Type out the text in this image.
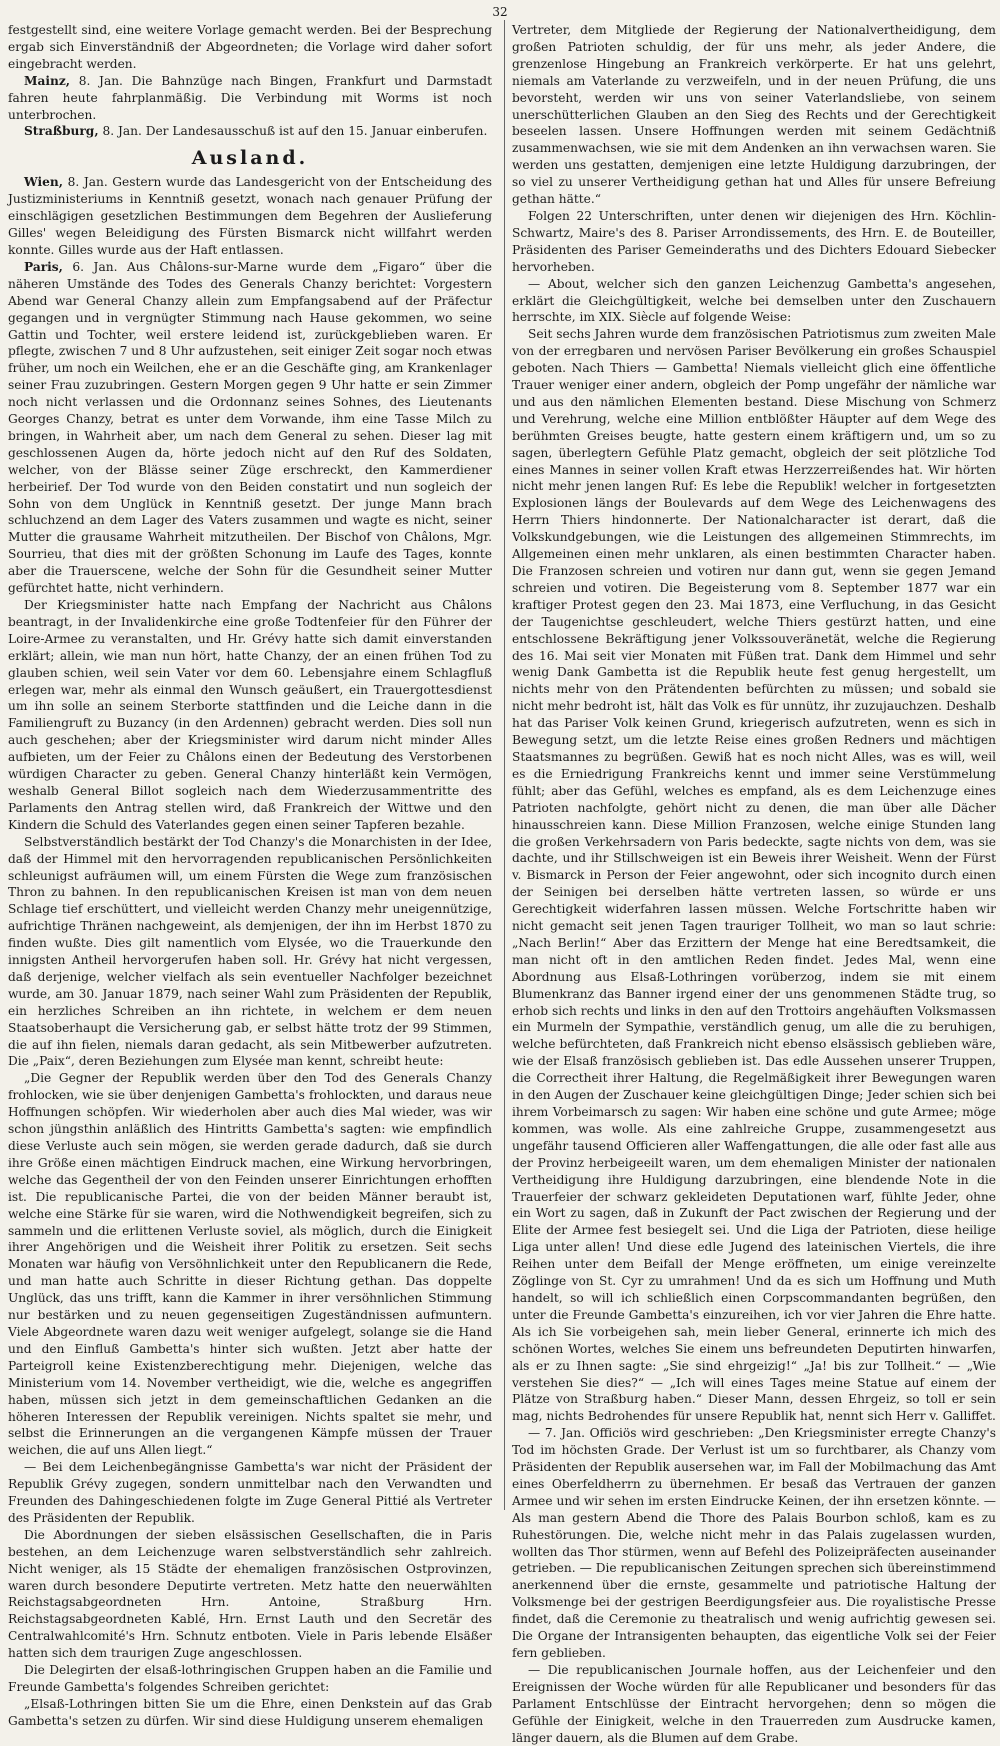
32

festgestellt sind, eine weitere Vorlage gemacht werden. Bei der Besprechung ergab sich Einverständniß der Abgeordneten; die Vorlage wird daher sofort eingebracht werden.

Mainz, 8. Jan. Die Bahnzüge nach Bingen, Frankfurt und Darmstadt fahren heute fahrplanmäßig. Die Verbindung mit Worms ist noch unterbrochen.

Straßburg, 8. Jan. Der Landesausschuß ist auf den 15. Januar einberufen.

Ausland.

Wien, 8. Jan. Gestern wurde das Landesgericht von der Entscheidung des Justizministeriums in Kenntniß gesetzt, wonach nach genauer Prüfung der einschlägigen gesetzlichen Bestimmungen dem Begehren der Auslieferung Gilles' wegen Beleidigung des Fürsten Bismarck nicht willfahrt werden konnte. Gilles wurde aus der Haft entlassen.

Paris, 6. Jan. Aus Châlons-sur-Marne wurde dem „Figaro“ über die näheren Umstände des Todes des Generals Chanzy berichtet: Vorgestern Abend war General Chanzy allein zum Empfangsabend auf der Präfectur gegangen und in vergnügter Stimmung nach Hause gekommen, wo seine Gattin und Tochter, weil erstere leidend ist, zurückgeblieben waren. Er pflegte, zwischen 7 und 8 Uhr aufzustehen, seit einiger Zeit sogar noch etwas früher, um noch ein Weilchen, ehe er an die Geschäfte ging, am Krankenlager seiner Frau zuzubringen. Gestern Morgen gegen 9 Uhr hatte er sein Zimmer noch nicht verlassen und die Ordonnanz seines Sohnes, des Lieutenants Georges Chanzy, betrat es unter dem Vorwande, ihm eine Tasse Milch zu bringen, in Wahrheit aber, um nach dem General zu sehen. Dieser lag mit geschlossenen Augen da, hörte jedoch nicht auf den Ruf des Soldaten, welcher, von der Blässe seiner Züge erschreckt, den Kammerdiener herbeirief. Der Tod wurde von den Beiden constatirt und nun sogleich der Sohn von dem Unglück in Kenntniß gesetzt. Der junge Mann brach schluchzend an dem Lager des Vaters zusammen und wagte es nicht, seiner Mutter die grausame Wahrheit mitzutheilen. Der Bischof von Châlons, Mgr. Sourrieu, that dies mit der größten Schonung im Laufe des Tages, konnte aber die Trauerscene, welche der Sohn für die Gesundheit seiner Mutter gefürchtet hatte, nicht verhindern.

Der Kriegsminister hatte nach Empfang der Nachricht aus Châlons beantragt, in der Invalidenkirche eine große Todtenfeier für den Führer der Loire-Armee zu veranstalten, und Hr. Grévy hatte sich damit einverstanden erklärt; allein, wie man nun hört, hatte Chanzy, der an einen frühen Tod zu glauben schien, weil sein Vater vor dem 60. Lebensjahre einem Schlagfluß erlegen war, mehr als einmal den Wunsch geäußert, ein Trauergottesdienst um ihn solle an seinem Sterborte stattfinden und die Leiche dann in die Familiengruft zu Buzancy (in den Ardennen) gebracht werden. Dies soll nun auch geschehen; aber der Kriegsminister wird darum nicht minder Alles aufbieten, um der Feier zu Châlons einen der Bedeutung des Verstorbenen würdigen Character zu geben. General Chanzy hinterläßt kein Vermögen, weshalb General Billot sogleich nach dem Wiederzusammentritte des Parlaments den Antrag stellen wird, daß Frankreich der Wittwe und den Kindern die Schuld des Vaterlandes gegen einen seiner Tapferen bezahle.

Selbstverständlich bestärkt der Tod Chanzy's die Monarchisten in der Idee, daß der Himmel mit den hervorragenden republicanischen Persönlichkeiten schleunigst aufräumen will, um einem Fürsten die Wege zum französischen Thron zu bahnen. In den republicanischen Kreisen ist man von dem neuen Schlage tief erschüttert, und vielleicht werden Chanzy mehr uneigennützige, aufrichtige Thränen nachgeweint, als demjenigen, der ihn im Herbst 1870 zu finden wußte. Dies gilt namentlich vom Elysée, wo die Trauerkunde den innigsten Antheil hervorgerufen haben soll. Hr. Grévy hat nicht vergessen, daß derjenige, welcher vielfach als sein eventueller Nachfolger bezeichnet wurde, am 30. Januar 1879, nach seiner Wahl zum Präsidenten der Republik, ein herzliches Schreiben an ihn richtete, in welchem er dem neuen Staatsoberhaupt die Versicherung gab, er selbst hätte trotz der 99 Stimmen, die auf ihn fielen, niemals daran gedacht, als sein Mitbewerber aufzutreten. Die „Paix“, deren Beziehungen zum Elysée man kennt, schreibt heute:

„Die Gegner der Republik werden über den Tod des Generals Chanzy frohlocken, wie sie über denjenigen Gambetta's frohlockten, und daraus neue Hoffnungen schöpfen. Wir wiederholen aber auch dies Mal wieder, was wir schon jüngsthin anläßlich des Hintritts Gambetta's sagten: wie empfindlich diese Verluste auch sein mögen, sie werden gerade dadurch, daß sie durch ihre Größe einen mächtigen Eindruck machen, eine Wirkung hervorbringen, welche das Gegentheil der von den Feinden unserer Einrichtungen erhofften ist. Die republicanische Partei, die von der beiden Männer beraubt ist, welche eine Stärke für sie waren, wird die Nothwendigkeit begreifen, sich zu sammeln und die erlittenen Verluste soviel, als möglich, durch die Einigkeit ihrer Angehörigen und die Weisheit ihrer Politik zu ersetzen. Seit sechs Monaten war häufig von Versöhnlichkeit unter den Republicanern die Rede, und man hatte auch Schritte in dieser Richtung gethan. Das doppelte Unglück, das uns trifft, kann die Kammer in ihrer versöhnlichen Stimmung nur bestärken und zu neuen gegenseitigen Zugeständnissen aufmuntern. Viele Abgeordnete waren dazu weit weniger aufgelegt, solange sie die Hand und den Einfluß Gambetta's hinter sich wußten. Jetzt aber hatte der Parteigroll keine Existenzberechtigung mehr. Diejenigen, welche das Ministerium vom 14. November vertheidigt, wie die, welche es angegriffen haben, müssen sich jetzt in dem gemeinschaftlichen Gedanken an die höheren Interessen der Republik vereinigen. Nichts spaltet sie mehr, und selbst die Erinnerungen an die vergangenen Kämpfe müssen der Trauer weichen, die auf uns Allen liegt.“

— Bei dem Leichenbegängnisse Gambetta's war nicht der Präsident der Republik Grévy zugegen, sondern unmittelbar nach den Verwandten und Freunden des Dahingeschiedenen folgte im Zuge General Pittié als Vertreter des Präsidenten der Republik.

Die Abordnungen der sieben elsässischen Gesellschaften, die in Paris bestehen, an dem Leichenzuge waren selbstverständlich sehr zahlreich. Nicht weniger, als 15 Städte der ehemaligen französischen Ostprovinzen, waren durch besondere Deputirte vertreten. Metz hatte den neuerwählten Reichstagsabgeordneten Hrn. Antoine, Straßburg Hrn. Reichstagsabgeordneten Kablé, Hrn. Ernst Lauth und den Secretär des Centralwahlcomité's Hrn. Schnutz entboten. Viele in Paris lebende Elsäßer hatten sich dem traurigen Zuge angeschlossen.

Die Delegirten der elsaß-lothringischen Gruppen haben an die Familie und Freunde Gambetta's folgendes Schreiben gerichtet:

„Elsaß-Lothringen bitten Sie um die Ehre, einen Denkstein auf das Grab Gambetta's setzen zu dürfen. Wir sind diese Huldigung unserem ehemaligen

Vertreter, dem Mitgliede der Regierung der Nationalvertheidigung, dem großen Patrioten schuldig, der für uns mehr, als jeder Andere, die grenzenlose Hingebung an Frankreich verkörperte. Er hat uns gelehrt, niemals am Vaterlande zu verzweifeln, und in der neuen Prüfung, die uns bevorsteht, werden wir uns von seiner Vaterlandsliebe, von seinem unerschütterlichen Glauben an den Sieg des Rechts und der Gerechtigkeit beseelen lassen. Unsere Hoffnungen werden mit seinem Gedächtniß zusammenwachsen, wie sie mit dem Andenken an ihn verwachsen waren. Sie werden uns gestatten, demjenigen eine letzte Huldigung darzubringen, der so viel zu unserer Vertheidigung gethan hat und Alles für unsere Befreiung gethan hätte.“

Folgen 22 Unterschriften, unter denen wir diejenigen des Hrn. Köchlin-Schwartz, Maire's des 8. Pariser Arrondissements, des Hrn. E. de Bouteiller, Präsidenten des Pariser Gemeinderaths und des Dichters Edouard Siebecker hervorheben.

— About, welcher sich den ganzen Leichenzug Gambetta's angesehen, erklärt die Gleichgültigkeit, welche bei demselben unter den Zuschauern herrschte, im XIX. Siècle auf folgende Weise:

Seit sechs Jahren wurde dem französischen Patriotismus zum zweiten Male von der erregbaren und nervösen Pariser Bevölkerung ein großes Schauspiel geboten. Nach Thiers — Gambetta! Niemals vielleicht glich eine öffentliche Trauer weniger einer andern, obgleich der Pomp ungefähr der nämliche war und aus den nämlichen Elementen bestand. Diese Mischung von Schmerz und Verehrung, welche eine Million entblößter Häupter auf dem Wege des berühmten Greises beugte, hatte gestern einem kräftigern und, um so zu sagen, überlegtern Gefühle Platz gemacht, obgleich der seit plötzliche Tod eines Mannes in seiner vollen Kraft etwas Herzzerreißendes hat. Wir hörten nicht mehr jenen langen Ruf: Es lebe die Republik! welcher in fortgesetzten Explosionen längs der Boulevards auf dem Wege des Leichenwagens des Herrn Thiers hindonnerte. Der Nationalcharacter ist derart, daß die Volkskundgebungen, wie die Leistungen des allgemeinen Stimmrechts, im Allgemeinen einen mehr unklaren, als einen bestimmten Character haben. Die Franzosen schreien und votiren nur dann gut, wenn sie gegen Jemand schreien und votiren. Die Begeisterung vom 8. September 1877 war ein kraftiger Protest gegen den 23. Mai 1873, eine Verfluchung, in das Gesicht der Taugenichtse geschleudert, welche Thiers gestürzt hatten, und eine entschlossene Bekräftigung jener Volkssouveränetät, welche die Regierung des 16. Mai seit vier Monaten mit Füßen trat. Dank dem Himmel und sehr wenig Dank Gambetta ist die Republik heute fest genug hergestellt, um nichts mehr von den Prätendenten befürchten zu müssen; und sobald sie nicht mehr bedroht ist, hält das Volk es für unnütz, ihr zuzujauchzen. Deshalb hat das Pariser Volk keinen Grund, kriegerisch aufzutreten, wenn es sich in Bewegung setzt, um die letzte Reise eines großen Redners und mächtigen Staatsmannes zu begrüßen. Gewiß hat es noch nicht Alles, was es will, weil es die Erniedrigung Frankreichs kennt und immer seine Verstümmelung fühlt; aber das Gefühl, welches es empfand, als es dem Leichenzuge eines Patrioten nachfolgte, gehört nicht zu denen, die man über alle Dächer hinausschreien kann. Diese Million Franzosen, welche einige Stunden lang die großen Verkehrsadern von Paris bedeckte, sagte nichts von dem, was sie dachte, und ihr Stillschweigen ist ein Beweis ihrer Weisheit. Wenn der Fürst v. Bismarck in Person der Feier angewohnt, oder sich incognito durch einen der Seinigen bei derselben hätte vertreten lassen, so würde er uns Gerechtigkeit widerfahren lassen müssen. Welche Fortschritte haben wir nicht gemacht seit jenen Tagen trauriger Tollheit, wo man so laut schrie: „Nach Berlin!“ Aber das Erzittern der Menge hat eine Beredtsamkeit, die man nicht oft in den amtlichen Reden findet. Jedes Mal, wenn eine Abordnung aus Elsaß-Lothringen vorüberzog, indem sie mit einem Blumenkranz das Banner irgend einer der uns genommenen Städte trug, so erhob sich rechts und links in den auf den Trottoirs angehäuften Volksmassen ein Murmeln der Sympathie, verständlich genug, um alle die zu beruhigen, welche befürchteten, daß Frankreich nicht ebenso elsässisch geblieben wäre, wie der Elsaß französisch geblieben ist. Das edle Aussehen unserer Truppen, die Correctheit ihrer Haltung, die Regelmäßigkeit ihrer Bewegungen waren in den Augen der Zuschauer keine gleichgültigen Dinge; Jeder schien sich bei ihrem Vorbeimarsch zu sagen: Wir haben eine schöne und gute Armee; möge kommen, was wolle. Als eine zahlreiche Gruppe, zusammengesetzt aus ungefähr tausend Officieren aller Waffengattungen, die alle oder fast alle aus der Provinz herbeigeeilt waren, um dem ehemaligen Minister der nationalen Vertheidigung ihre Huldigung darzubringen, eine blendende Note in die Trauerfeier der schwarz gekleideten Deputationen warf, fühlte Jeder, ohne ein Wort zu sagen, daß in Zukunft der Pact zwischen der Regierung und der Elite der Armee fest besiegelt sei. Und die Liga der Patrioten, diese heilige Liga unter allen! Und diese edle Jugend des lateinischen Viertels, die ihre Reihen unter dem Beifall der Menge eröffneten, um einige vereinzelte Zöglinge von St. Cyr zu umrahmen! Und da es sich um Hoffnung und Muth handelt, so will ich schließlich einen Corpscommandanten begrüßen, den unter die Freunde Gambetta's einzureihen, ich vor vier Jahren die Ehre hatte. Als ich Sie vorbeigehen sah, mein lieber General, erinnerte ich mich des schönen Wortes, welches Sie einem uns befreundeten Deputirten hinwarfen, als er zu Ihnen sagte: „Sie sind ehrgeizig!“ „Ja! bis zur Tollheit.“ — „Wie verstehen Sie dies?“ — „Ich will eines Tages meine Statue auf einem der Plätze von Straßburg haben.“ Dieser Mann, dessen Ehrgeiz, so toll er sein mag, nichts Bedrohendes für unsere Republik hat, nennt sich Herr v. Galliffet.

— 7. Jan. Officiös wird geschrieben: „Den Kriegsminister erregte Chanzy's Tod im höchsten Grade. Der Verlust ist um so furchtbarer, als Chanzy vom Präsidenten der Republik ausersehen war, im Fall der Mobilmachung das Amt eines Oberfeldherrn zu übernehmen. Er besaß das Vertrauen der ganzen Armee und wir sehen im ersten Eindrucke Keinen, der ihn ersetzen könnte. — Als man gestern Abend die Thore des Palais Bourbon schloß, kam es zu Ruhestörungen. Die, welche nicht mehr in das Palais zugelassen wurden, wollten das Thor stürmen, wenn auf Befehl des Polizeipräfecten auseinander getrieben. — Die republicanischen Zeitungen sprechen sich übereinstimmend anerkennend über die ernste, gesammelte und patriotische Haltung der Volksmenge bei der gestrigen Beerdigungsfeier aus. Die royalistische Presse findet, daß die Ceremonie zu theatralisch und wenig aufrichtig gewesen sei. Die Organe der Intransigenten behaupten, das eigentliche Volk sei der Feier fern geblieben.

— Die republicanischen Journale hoffen, aus der Leichenfeier und den Ereignissen der Woche würden für alle Republicaner und besonders für das Parlament Entschlüsse der Eintracht hervorgehen; denn so mögen die Gefühle der Einigkeit, welche in den Trauerreden zum Ausdrucke kamen, länger dauern, als die Blumen auf dem Grabe.
